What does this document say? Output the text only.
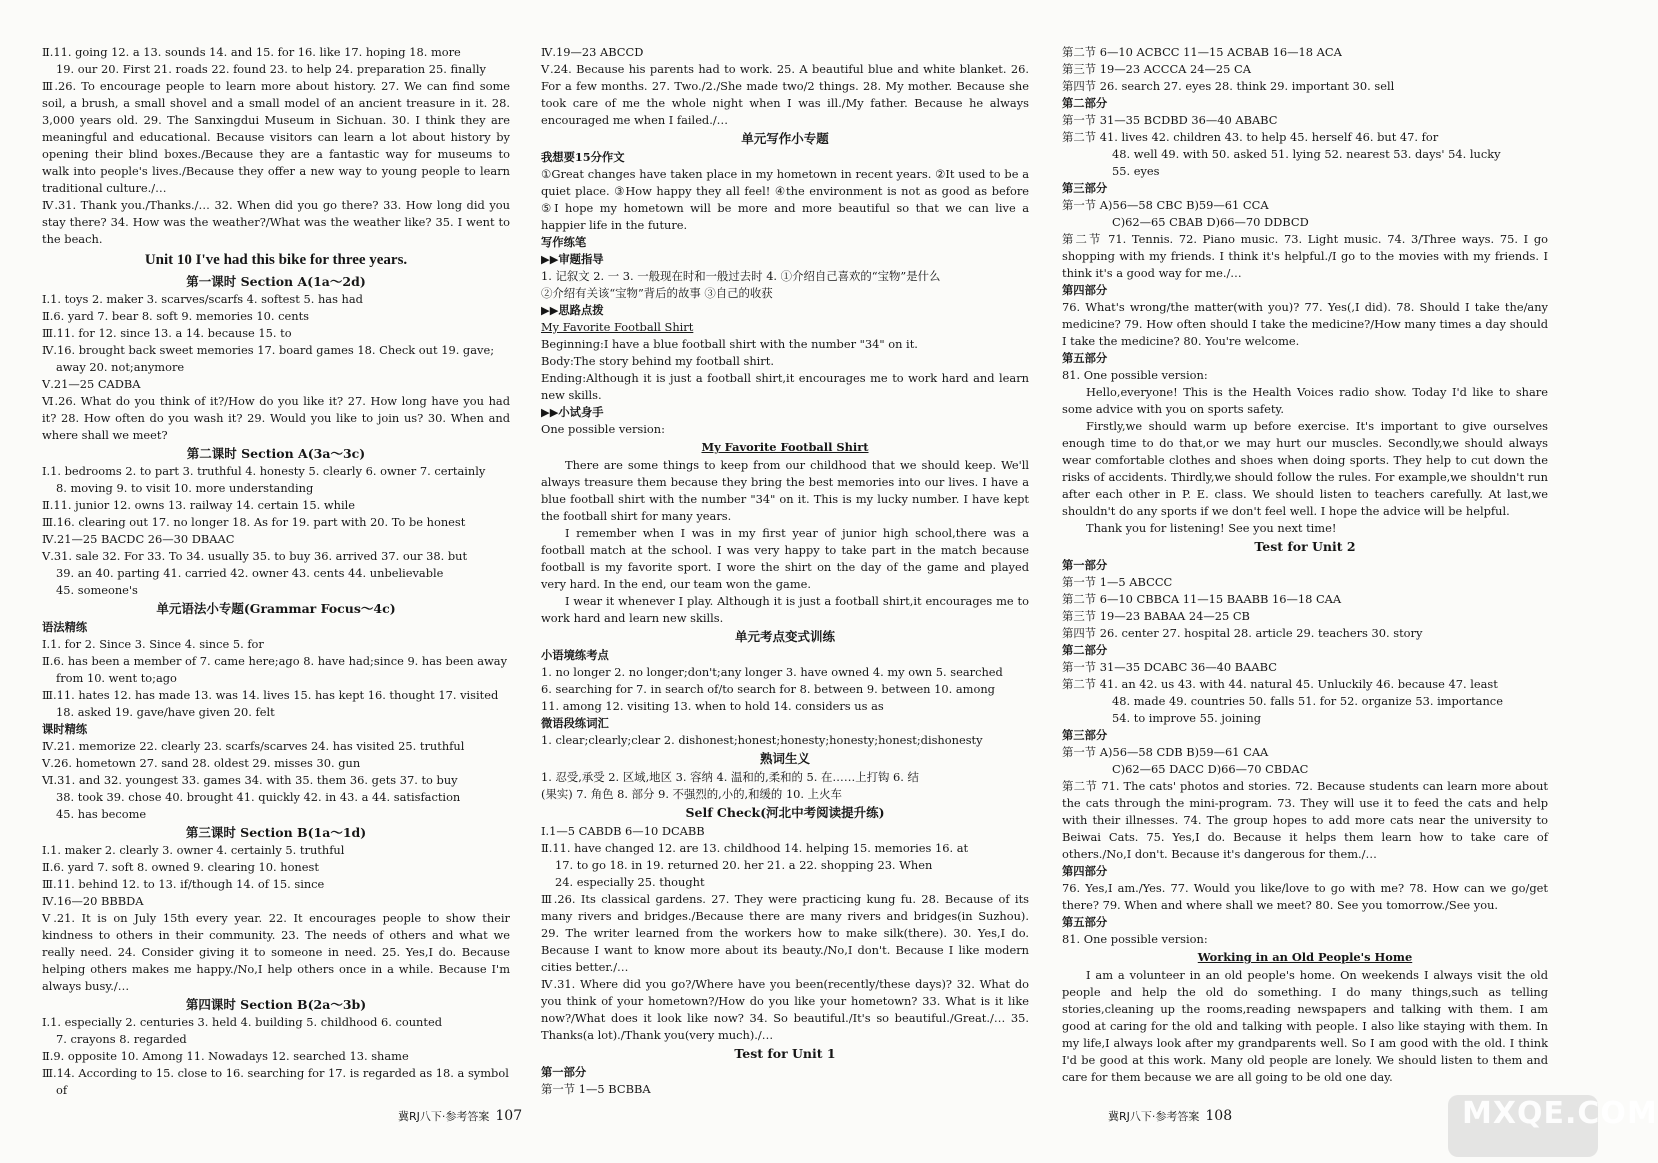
Ⅱ.11. going 12. a 13. sounds 14. and 15. for 16. like 17. hoping 18. more
19. our 20. First 21. roads 22. found 23. to help 24. preparation 25. finally
Ⅲ.26. To encourage people to learn more about history. 27. We can find some soil, a brush, a small shovel and a small model of an ancient treasure in it. 28. 3,000 years old. 29. The Sanxingdui Museum in Sichuan. 30. I think they are meaningful and educational. Because visitors can learn a lot about history by opening their blind boxes./Because they are a fantastic way for museums to walk into people's lives./Because they offer a new way to young people to learn traditional culture./…
Ⅳ.31. Thank you./Thanks./… 32. When did you go there? 33. How long did you stay there? 34. How was the weather?/What was the weather like? 35. I went to the beach.
Unit 10 I've had this bike for three years.
第一课时 Section A(1a～2d)
Ⅰ.1. toys 2. maker 3. scarves/scarfs 4. softest 5. has had
Ⅱ.6. yard 7. bear 8. soft 9. memories 10. cents
Ⅲ.11. for 12. since 13. a 14. because 15. to
Ⅳ.16. brought back sweet memories 17. board games 18. Check out 19. gave;
away 20. not;anymore
Ⅴ.21—25 CADBA
Ⅵ.26. What do you think of it?/How do you like it? 27. How long have you had it? 28. How often do you wash it? 29. Would you like to join us? 30. When and where shall we meet?
第二课时 Section A(3a～3c)
Ⅰ.1. bedrooms 2. to part 3. truthful 4. honesty 5. clearly 6. owner 7. certainly
8. moving 9. to visit 10. more understanding
Ⅱ.11. junior 12. owns 13. railway 14. certain 15. while
Ⅲ.16. clearing out 17. no longer 18. As for 19. part with 20. To be honest
Ⅳ.21—25 BACDC 26—30 DBAAC
Ⅴ.31. sale 32. For 33. To 34. usually 35. to buy 36. arrived 37. our 38. but
39. an 40. parting 41. carried 42. owner 43. cents 44. unbelievable
45. someone's
单元语法小专题(Grammar Focus～4c)
语法精练
Ⅰ.1. for 2. Since 3. Since 4. since 5. for
Ⅱ.6. has been a member of 7. came here;ago 8. have had;since 9. has been away
from 10. went to;ago
Ⅲ.11. hates 12. has made 13. was 14. lives 15. has kept 16. thought 17. visited
18. asked 19. gave/have given 20. felt
课时精练
Ⅳ.21. memorize 22. clearly 23. scarfs/scarves 24. has visited 25. truthful
Ⅴ.26. hometown 27. sand 28. oldest 29. misses 30. gun
Ⅵ.31. and 32. youngest 33. games 34. with 35. them 36. gets 37. to buy
38. took 39. chose 40. brought 41. quickly 42. in 43. a 44. satisfaction
45. has become
第三课时 Section B(1a～1d)
Ⅰ.1. maker 2. clearly 3. owner 4. certainly 5. truthful
Ⅱ.6. yard 7. soft 8. owned 9. clearing 10. honest
Ⅲ.11. behind 12. to 13. if/though 14. of 15. since
Ⅳ.16—20 BBBDA
Ⅴ.21. It is on July 15th every year. 22. It encourages people to show their kindness to others in their community. 23. The needs of others and what we really need. 24. Consider giving it to someone in need. 25. Yes,I do. Because helping others makes me happy./No,I help others once in a while. Because I'm always busy./…
第四课时 Section B(2a～3b)
Ⅰ.1. especially 2. centuries 3. held 4. building 5. childhood 6. counted
7. crayons 8. regarded
Ⅱ.9. opposite 10. Among 11. Nowadays 12. searched 13. shame
Ⅲ.14. According to 15. close to 16. searching for 17. is regarded as 18. a symbol
of
Ⅳ.19—23 ABCCD
Ⅴ.24. Because his parents had to work. 25. A beautiful blue and white blanket. 26. For a few months. 27. Two./2./She made two/2 things. 28. My mother. Because she took care of me the whole night when I was ill./My father. Because he always encouraged me when I failed./…
单元写作小专题
我想要15分作文
①Great changes have taken place in my hometown in recent years. ②It used to be a quiet place. ③How happy they all feel! ④the environment is not as good as before ⑤I hope my hometown will be more and more beautiful so that we can live a happier life in the future.
写作练笔
▶▶审题指导
1. 记叙文 2. 一 3. 一般现在时和一般过去时 4. ①介绍自己喜欢的“宝物”是什么
②介绍有关该“宝物”背后的故事 ③自己的收获
▶▶思路点拨
My Favorite Football Shirt
Beginning:I have a blue football shirt with the number "34" on it.
Body:The story behind my football shirt.
Ending:Although it is just a football shirt,it encourages me to work hard and learn new skills.
▶▶小试身手
One possible version:
My Favorite Football Shirt
There are some things to keep from our childhood that we should keep. We'll always treasure them because they bring the best memories into our lives. I have a blue football shirt with the number "34" on it. This is my lucky number. I have kept the football shirt for many years.
I remember when I was in my first year of junior high school,there was a football match at the school. I was very happy to take part in the match because football is my favorite sport. I wore the shirt on the day of the game and played very hard. In the end, our team won the game.
I wear it whenever I play. Although it is just a football shirt,it encourages me to work hard and learn new skills.
单元考点变式训练
小语境练考点
1. no longer 2. no longer;don't;any longer 3. have owned 4. my own 5. searched
6. searching for 7. in search of/to search for 8. between 9. between 10. among
11. among 12. visiting 13. when to hold 14. considers us as
微语段练词汇
1. clear;clearly;clear 2. dishonest;honest;honesty;honesty;honest;dishonesty
熟词生义
1. 忍受,承受 2. 区域,地区 3. 容纳 4. 温和的,柔和的 5. 在……上打钩 6. 结
(果实) 7. 角色 8. 部分 9. 不强烈的,小的,和缓的 10. 上火车
Self Check(河北中考阅读提升练)
Ⅰ.1—5 CABDB 6—10 DCABB
Ⅱ.11. have changed 12. are 13. childhood 14. helping 15. memories 16. at
17. to go 18. in 19. returned 20. her 21. a 22. shopping 23. When
24. especially 25. thought
Ⅲ.26. Its classical gardens. 27. They were practicing kung fu. 28. Because of its many rivers and bridges./Because there are many rivers and bridges(in Suzhou). 29. The writer learned from the workers how to make silk(there). 30. Yes,I do. Because I want to know more about its beauty./No,I don't. Because I like modern cities better./…
Ⅳ.31. Where did you go?/Where have you been(recently/these days)? 32. What do you think of your hometown?/How do you like your hometown? 33. What is it like now?/What does it look like now? 34. So beautiful./It's so beautiful./Great./… 35. Thanks(a lot)./Thank you(very much)./…
Test for Unit 1
第一部分
第一节 1—5 BCBBA
第二节 6—10 ACBCC 11—15 ACBAB 16—18 ACA
第三节 19—23 ACCCA 24—25 CA
第四节 26. search 27. eyes 28. think 29. important 30. sell
第二部分
第一节 31—35 BCDBD 36—40 ABABC
第二节 41. lives 42. children 43. to help 45. herself 46. but 47. for
48. well 49. with 50. asked 51. lying 52. nearest 53. days' 54. lucky
55. eyes
第三部分
第一节 A)56—58 CBC B)59—61 CCA
C)62—65 CBAB D)66—70 DDBCD
第二节 71. Tennis. 72. Piano music. 73. Light music. 74. 3/Three ways. 75. I go shopping with my friends. I think it's helpful./I go to the movies with my friends. I think it's a good way for me./…
第四部分
76. What's wrong/the matter(with you)? 77. Yes(,I did). 78. Should I take the/any medicine? 79. How often should I take the medicine?/How many times a day should I take the medicine? 80. You're welcome.
第五部分
81. One possible version:
Hello,everyone! This is the Health Voices radio show. Today I'd like to share some advice with you on sports safety.
Firstly,we should warm up before exercise. It's important to give ourselves enough time to do that,or we may hurt our muscles. Secondly,we should always wear comfortable clothes and shoes when doing sports. They help to cut down the risks of accidents. Thirdly,we should follow the rules. For example,we shouldn't run after each other in P. E. class. We should listen to teachers carefully. At last,we shouldn't do any sports if we don't feel well. I hope the advice will be helpful.
Thank you for listening! See you next time!
Test for Unit 2
第一部分
第一节 1—5 ABCCC
第二节 6—10 CBBCA 11—15 BAABB 16—18 CAA
第三节 19—23 BABAA 24—25 CB
第四节 26. center 27. hospital 28. article 29. teachers 30. story
第二部分
第一节 31—35 DCABC 36—40 BAABC
第二节 41. an 42. us 43. with 44. natural 45. Unluckily 46. because 47. least
48. made 49. countries 50. falls 51. for 52. organize 53. importance
54. to improve 55. joining
第三部分
第一节 A)56—58 CDB B)59—61 CAA
C)62—65 DACC D)66—70 CBDAC
第二节 71. The cats' photos and stories. 72. Because students can learn more about the cats through the mini-program. 73. They will use it to feed the cats and help with their illnesses. 74. The group hopes to add more cats near the university to Beiwai Cats. 75. Yes,I do. Because it helps them learn how to take care of others./No,I don't. Because it's dangerous for them./…
第四部分
76. Yes,I am./Yes. 77. Would you like/love to go with me? 78. How can we go/get there? 79. When and where shall we meet? 80. See you tomorrow./See you.
第五部分
81. One possible version:
Working in an Old People's Home
I am a volunteer in an old people's home. On weekends I always visit the old people and help the old do something. I do many things,such as telling stories,cleaning up the rooms,reading newspapers and talking with them. I am good at caring for the old and talking with people. I also like staying with them. In my life,I always look after my grandparents well. So I am good with the old. I think I'd be good at this work. Many old people are lonely. We should listen to them and care for them because we are all going to be old one day.
冀RJ八下·参考答案 107	冀RJ八下·参考答案 108	MXQE.COM
